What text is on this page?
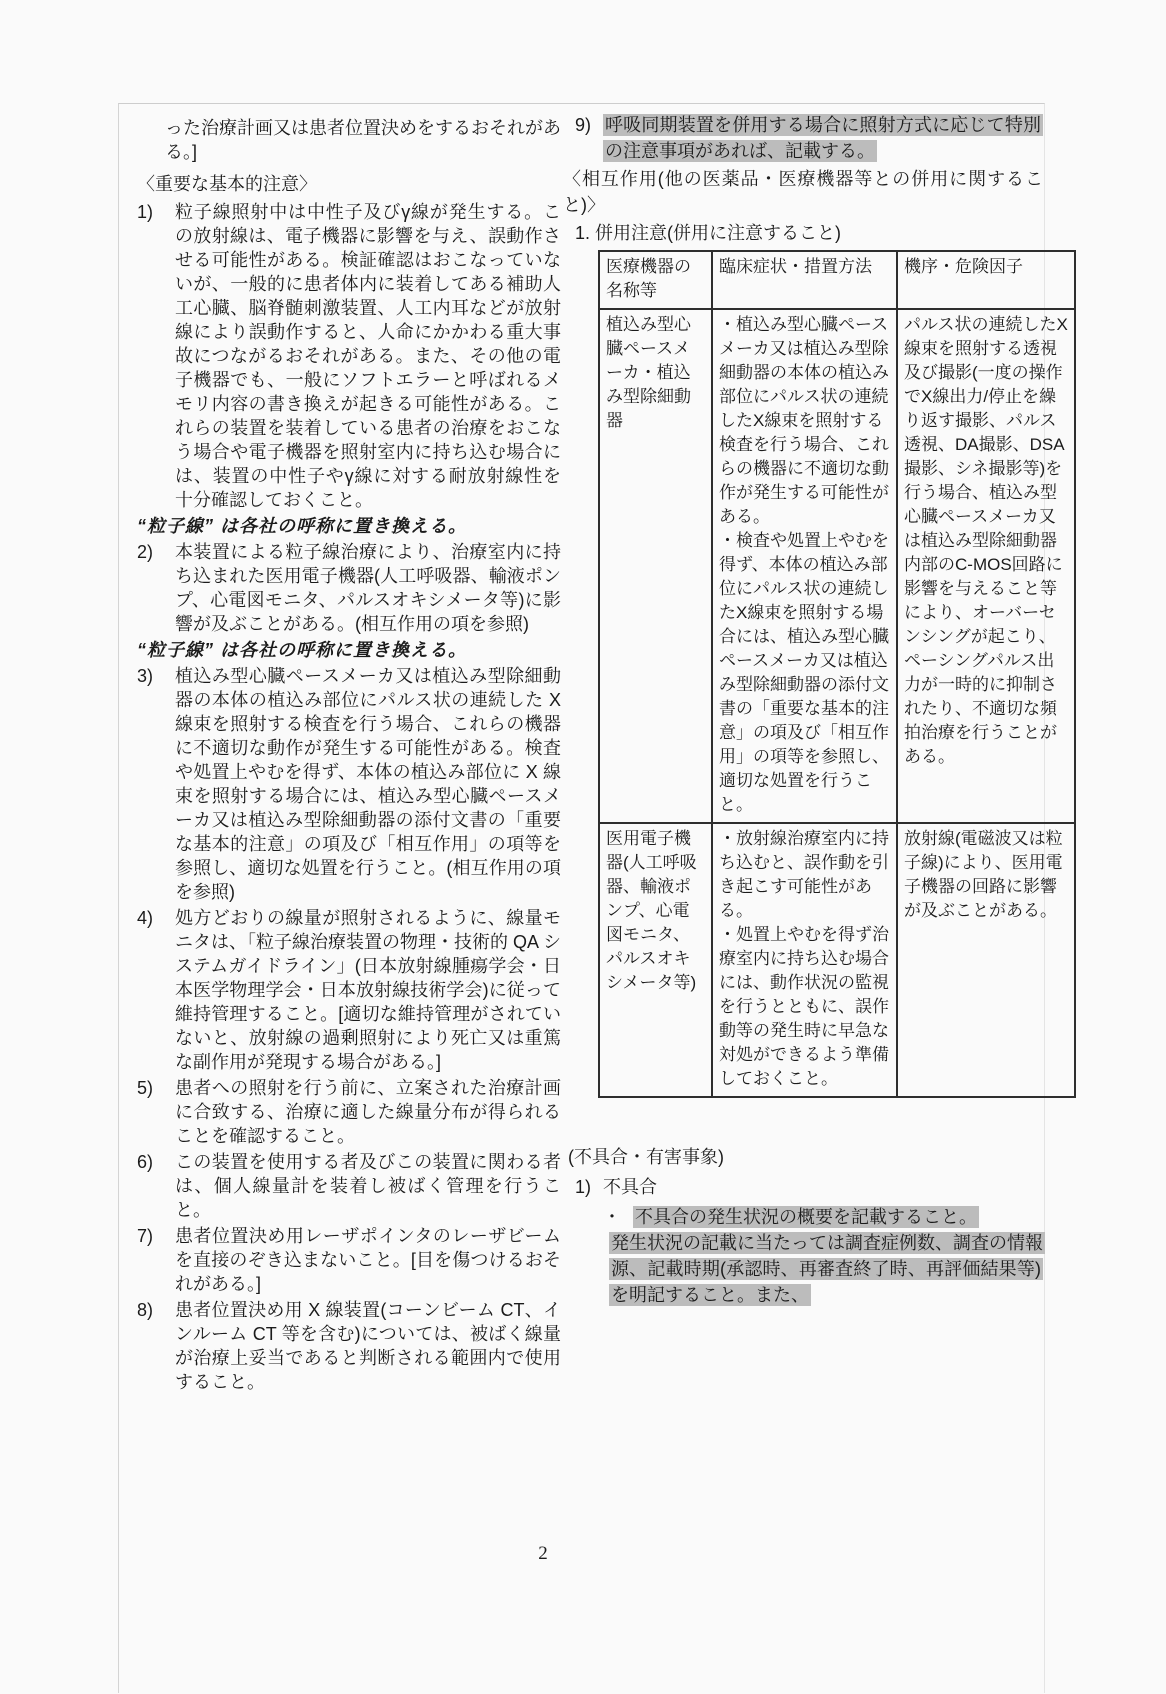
った治療計画又は患者位置決めをするおそれがある。]

〈重要な基本的注意〉

1)	粒子線照射中は中性子及びγ線が発生する。この放射線は、電子機器に影響を与え、誤動作させる可能性がある。検証確認はおこなっていないが、一般的に患者体内に装着してある補助人工心臓、脳脊髄刺激装置、人工内耳などが放射線により誤動作すると、人命にかかわる重大事故につながるおそれがある。また、その他の電子機器でも、一般にソフトエラーと呼ばれるメモリ内容の書き換えが起きる可能性がある。これらの装置を装着している患者の治療をおこなう場合や電子機器を照射室内に持ち込む場合には、装置の中性子やγ線に対する耐放射線性を十分確認しておくこと。

“粒子線” は各社の呼称に置き換える。

2)	本装置による粒子線治療により、治療室内に持ち込まれた医用電子機器(人工呼吸器、輸液ポンプ、心電図モニタ、パルスオキシメータ等)に影響が及ぶことがある。(相互作用の項を参照)

“粒子線” は各社の呼称に置き換える。

3)	植込み型心臓ペースメーカ又は植込み型除細動器の本体の植込み部位にパルス状の連続した X 線束を照射する検査を行う場合、これらの機器に不適切な動作が発生する可能性がある。検査や処置上やむを得ず、本体の植込み部位に X 線束を照射する場合には、植込み型心臓ペースメーカ又は植込み型除細動器の添付文書の「重要な基本的注意」の項及び「相互作用」の項等を参照し、適切な処置を行うこと。(相互作用の項を参照)
4)	処方どおりの線量が照射されるように、線量モニタは、「粒子線治療装置の物理・技術的 QA システムガイドライン」(日本放射線腫瘍学会・日本医学物理学会・日本放射線技術学会)に従って維持管理すること。[適切な維持管理がされていないと、放射線の過剰照射により死亡又は重篤な副作用が発現する場合がある。]
5)	患者への照射を行う前に、立案された治療計画に合致する、治療に適した線量分布が得られることを確認すること。
6)	この装置を使用する者及びこの装置に関わる者は、個人線量計を装着し被ばく管理を行うこと。
7)	患者位置決め用レーザポインタのレーザビームを直接のぞき込まないこと。[目を傷つけるおそれがある。]
8)	患者位置決め用 X 線装置(コーンビーム CT、インルーム CT 等を含む)については、被ばく線量が治療上妥当であると判断される範囲内で使用すること。
9) 呼吸同期装置を併用する場合に照射方式に応じて特別の注意事項があれば、記載する。

〈相互作用(他の医薬品・医療機器等との併用に関すること)〉

1. 併用注意(併用に注意すること)

医療機器の名称等	臨床症状・措置方法	機序・危険因子
植込み型心臓ペースメーカ・植込み型除細動器	・植込み型心臓ペースメーカ又は植込み型除細動器の本体の植込み部位にパルス状の連続したX線束を照射する検査を行う場合、これらの機器に不適切な動作が発生する可能性がある。

・検査や処置上やむを得ず、本体の植込み部位にパルス状の連続したX線束を照射する場合には、植込み型心臓ペースメーカ又は植込み型除細動器の添付文書の「重要な基本的注意」の項及び「相互作用」の項等を参照し、適切な処置を行うこと。	パルス状の連続したX線束を照射する透視及び撮影(一度の操作でX線出力/停止を繰り返す撮影、パルス透視、DA撮影、DSA撮影、シネ撮影等)を行う場合、植込み型心臓ペースメーカ又は植込み型除細動器内部のC-MOS回路に影響を与えること等により、オーバーセンシングが起こり、ペーシングパルス出力が一時的に抑制されたり、不適切な頻拍治療を行うことがある。
医用電子機器(人工呼吸器、輸液ポンプ、心電図モニタ、パルスオキシメータ等)	・放射線治療室内に持ち込むと、誤作動を引き起こす可能性がある。

・処置上やむを得ず治療室内に持ち込む場合には、動作状況の監視を行うとともに、誤作動等の発生時に早急な対処ができるよう準備しておくこと。	放射線(電磁波又は粒子線)により、医用電子機器の回路に影響が及ぶことがある。

(不具合・有害事象)

1) 不具合
・ 不具合の発生状況の概要を記載すること。

発生状況の記載に当たっては調査症例数、調査の情報源、記載時期(承認時、再審査終了時、再評価結果等)を明記すること。また、

2
